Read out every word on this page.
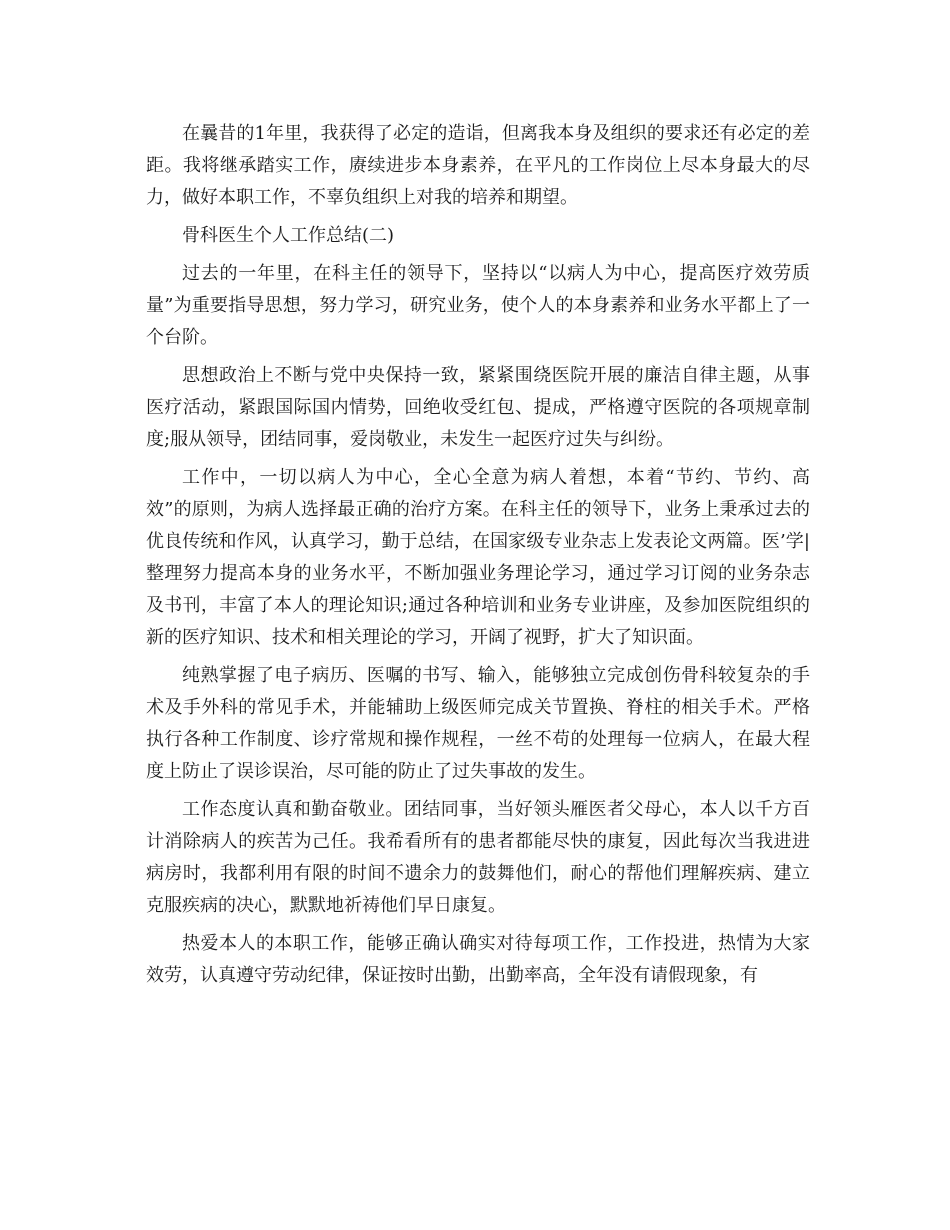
在曩昔的1年里，我获得了必定的造诣，但离我本身及组织的要求还有必定的差距。我将继承踏实工作，赓续进步本身素养，在平凡的工作岗位上尽本身最大的尽力，做好本职工作，不辜负组织上对我的培养和期望。

骨科医生个人工作总结(二)

过去的一年里，在科主任的领导下，坚持以“以病人为中心，提高医疗效劳质量”为重要指导思想，努力学习，研究业务，使个人的本身素养和业务水平都上了一个台阶。

思想政治上不断与党中央保持一致，紧紧围绕医院开展的廉洁自律主题，从事医疗活动，紧跟国际国内情势，回绝收受红包、提成，严格遵守医院的各项规章制度;服从领导，团结同事，爱岗敬业，未发生一起医疗过失与纠纷。

工作中，一切以病人为中心，全心全意为病人着想，本着“节约、节约、高效”的原则，为病人选择最正确的治疗方案。在科主任的领导下，业务上秉承过去的优良传统和作风，认真学习，勤于总结，在国家级专业杂志上发表论文两篇。医’学|整理努力提高本身的业务水平，不断加强业务理论学习，通过学习订阅的业务杂志及书刊，丰富了本人的理论知识;通过各种培训和业务专业讲座，及参加医院组织的新的医疗知识、技术和相关理论的学习，开阔了视野，扩大了知识面。

纯熟掌握了电子病历、医嘱的书写、输入，能够独立完成创伤骨科较复杂的手术及手外科的常见手术，并能辅助上级医师完成关节置换、脊柱的相关手术。严格执行各种工作制度、诊疗常规和操作规程，一丝不苟的处理每一位病人，在最大程度上防止了误诊误治，尽可能的防止了过失事故的发生。

工作态度认真和勤奋敬业。团结同事，当好领头雁医者父母心，本人以千方百计消除病人的疾苦为己任。我希看所有的患者都能尽快的康复，因此每次当我进进病房时，我都利用有限的时间不遗余力的鼓舞他们，耐心的帮他们理解疾病、建立克服疾病的决心，默默地祈祷他们早日康复。

热爱本人的本职工作，能够正确认确实对待每项工作，工作投进，热情为大家效劳，认真遵守劳动纪律，保证按时出勤，出勤率高，全年没有请假现象，有
